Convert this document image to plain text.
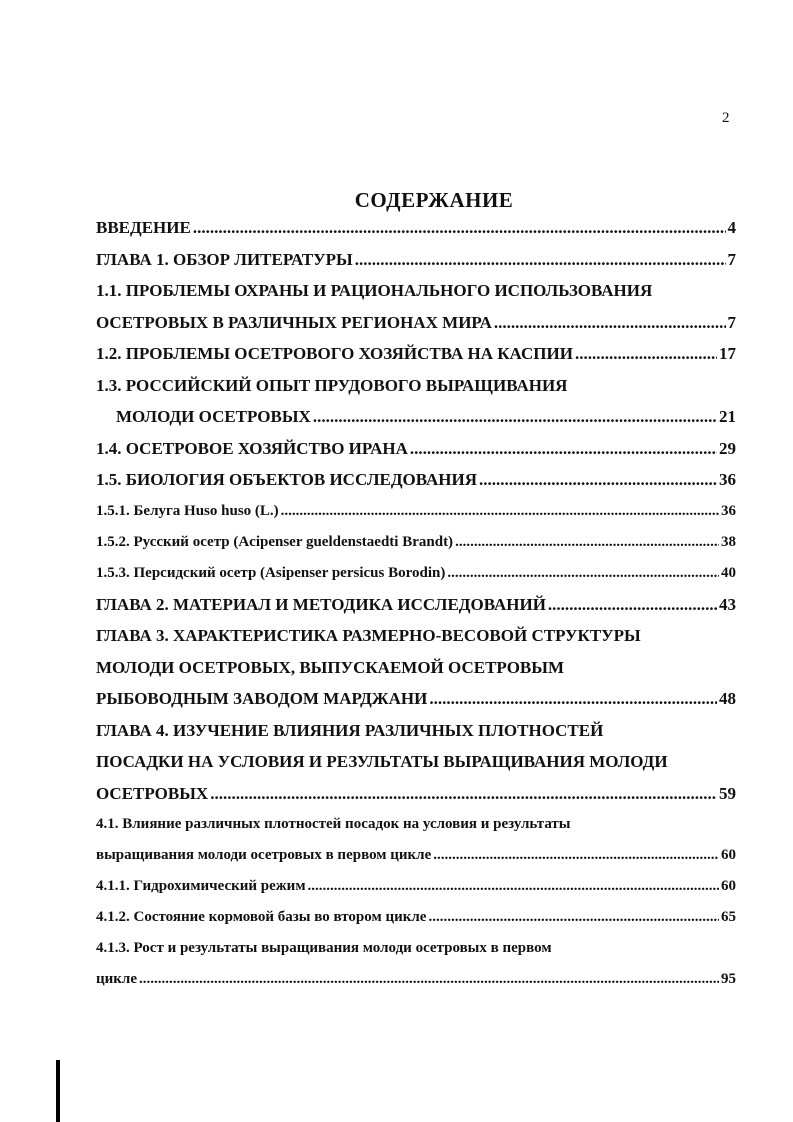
2
СОДЕРЖАНИЕ
ВВЕДЕНИЕ .....	4
ГЛАВА 1. ОБЗОР ЛИТЕРАТУРЫ .....	7
1.1. ПРОБЛЕМЫ ОХРАНЫ И РАЦИОНАЛЬНОГО ИСПОЛЬЗОВАНИЯ
ОСЕТРОВЫХ В РАЗЛИЧНЫХ РЕГИОНАХ МИРА .....	7
1.2. ПРОБЛЕМЫ ОСЕТРОВОГО ХОЗЯЙСТВА НА КАСПИИ .....	17
1.3. РОССИЙСКИЙ ОПЫТ ПРУДОВОГО ВЫРАЩИВАНИЯ
МОЛОДИ ОСЕТРОВЫХ .....	21
1.4. ОСЕТРОВОЕ ХОЗЯЙСТВО ИРАНА .....	29
1.5. БИОЛОГИЯ ОБЪЕКТОВ ИССЛЕДОВАНИЯ .....	36
1.5.1. Белуга Huso huso (L.) .....	36
1.5.2. Русский осетр (Acipenser gueldenstaedti Brandt) .....	38
1.5.3. Персидский осетр (Asipenser persicus Borodin) .....	40
ГЛАВА 2. МАТЕРИАЛ И МЕТОДИКА ИССЛЕДОВАНИЙ .....	43
ГЛАВА 3. ХАРАКТЕРИСТИКА РАЗМЕРНО-ВЕСОВОЙ СТРУКТУРЫ
МОЛОДИ ОСЕТРОВЫХ, ВЫПУСКАЕМОЙ ОСЕТРОВЫМ
РЫБОВОДНЫМ ЗАВОДОМ МАРДЖАНИ .....	48
ГЛАВА 4. ИЗУЧЕНИЕ ВЛИЯНИЯ РАЗЛИЧНЫХ ПЛОТНОСТЕЙ
ПОСАДКИ НА УСЛОВИЯ И РЕЗУЛЬТАТЫ ВЫРАЩИВАНИЯ МОЛОДИ
ОСЕТРОВЫХ .....	59
4.1. Влияние различных плотностей посадок на условия и результаты
выращивания молоди осетровых в первом цикле .....	60
4.1.1. Гидрохимический режим .....	60
4.1.2. Состояние кормовой базы во втором цикле .....	65
4.1.3. Рост и результаты выращивания молоди осетровых в первом
цикле .....	95
